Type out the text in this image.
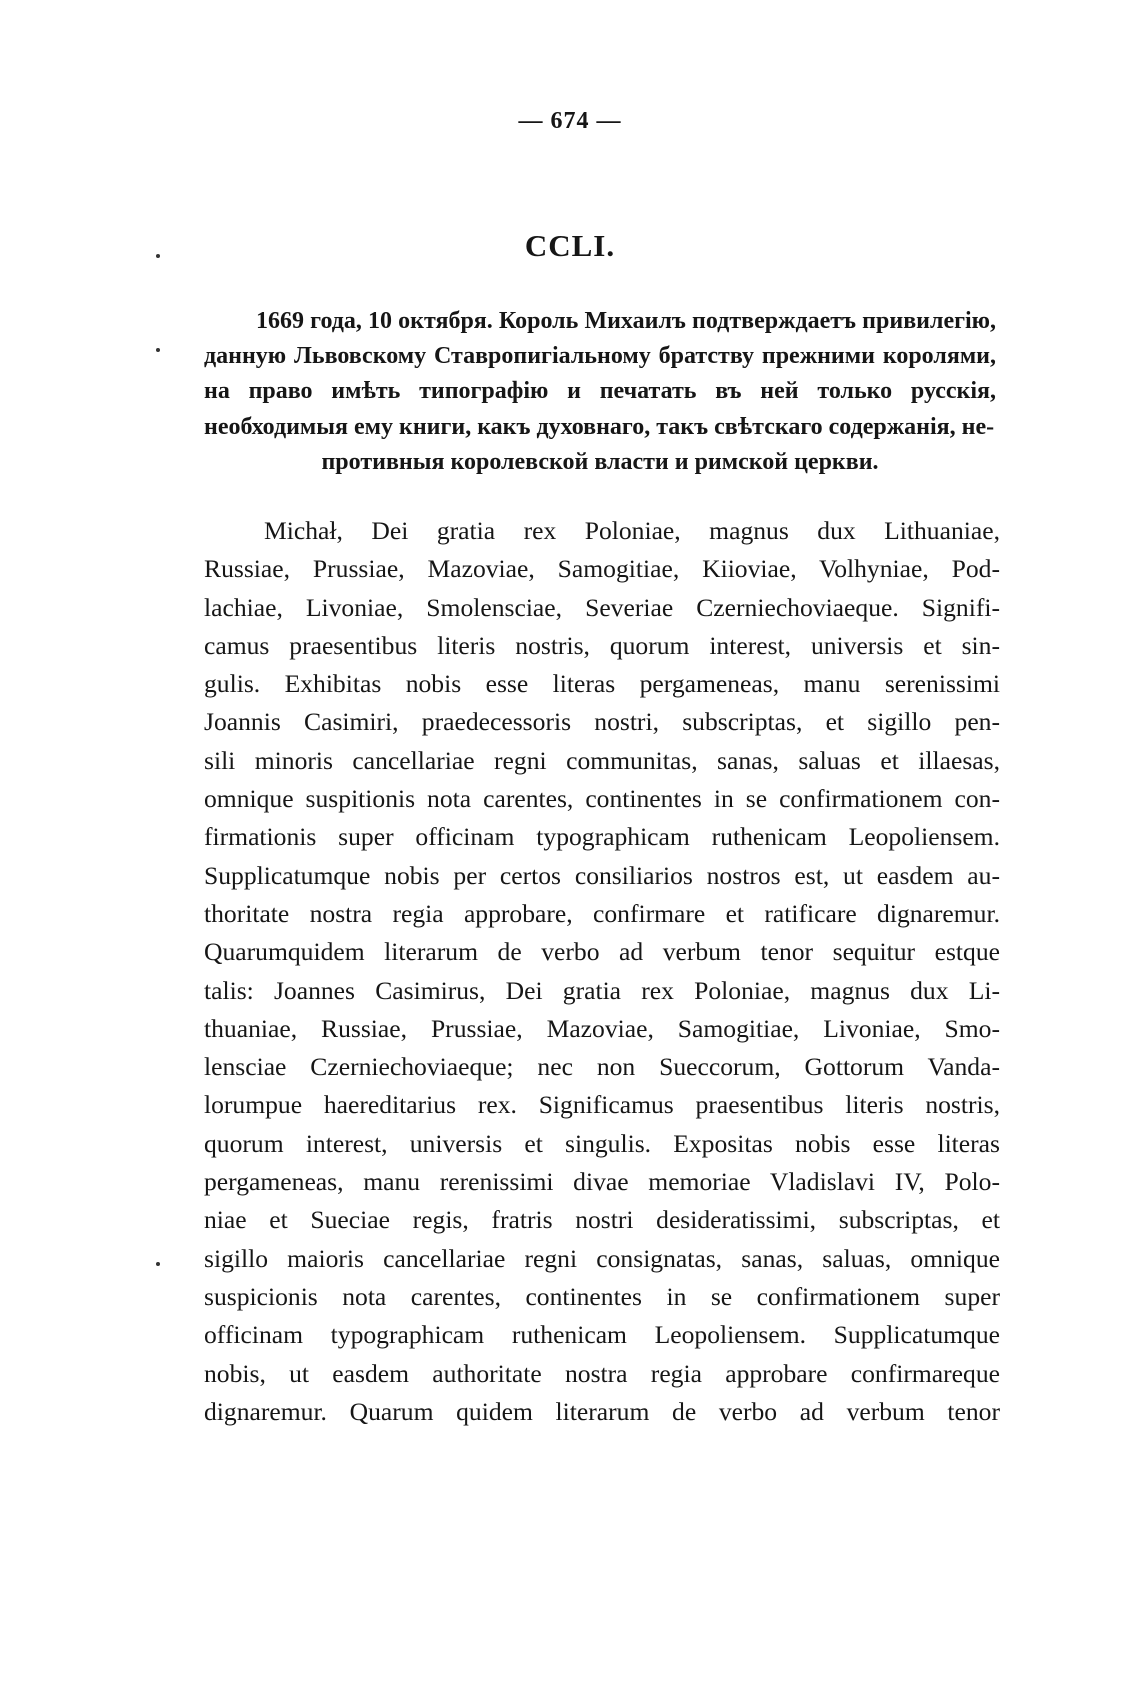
— 674 —
CCLI.

1669 года, 10 октября. Король Михаилъ подтверждаетъ привилегію, данную Львовскому Ставропигіальному братству прежними королями, на право имѣть типографію и печатать въ ней только русскія, необходимыя ему книги, какъ духовнаго, такъ свѣтскаго содержанія, не-
противныя королевской власти и римской церкви.

Michał, Dei gratia rex Poloniae, magnus dux Lithuaniae,
Russiae, Prussiae, Mazoviae, Samogitiae, Kiioviae, Volhyniae, Pod-
lachiae, Livoniae, Smolensciae, Severiae Czerniechoviaeque. Signifi-
camus praesentibus literis nostris, quorum interest, universis et sin-
gulis. Exhibitas nobis esse literas pergameneas, manu serenissimi
Joannis Casimiri, praedecessoris nostri, subscriptas, et sigillo pen-
sili minoris cancellariae regni communitas, sanas, saluas et illaesas,
omnique suspitionis nota carentes, continentes in se confirmationem con-
firmationis super officinam typographicam ruthenicam Leopoliensem.
Supplicatumque nobis per certos consiliarios nostros est, ut easdem au-
thoritate nostra regia approbare, confirmare et ratificare dignaremur.
Quarumquidem literarum de verbo ad verbum tenor sequitur estque
talis: Joannes Casimirus, Dei gratia rex Poloniae, magnus dux Li-
thuaniae, Russiae, Prussiae, Mazoviae, Samogitiae, Livoniae, Smo-
lensciae Czerniechoviaeque; nec non Sueccorum, Gottorum Vanda-
lorumpue haereditarius rex. Significamus praesentibus literis nostris,
quorum interest, universis et singulis. Expositas nobis esse literas
pergameneas, manu rerenissimi divae memoriae Vladislavi IV, Polo-
niae et Sueciae regis, fratris nostri desideratissimi, subscriptas, et
sigillo maioris cancellariae regni consignatas, sanas, saluas, omnique
suspicionis nota carentes, continentes in se confirmationem super
officinam typographicam ruthenicam Leopoliensem. Supplicatumque
nobis, ut easdem authoritate nostra regia approbare confirmareque
dignaremur. Quarum quidem literarum de verbo ad verbum tenor
